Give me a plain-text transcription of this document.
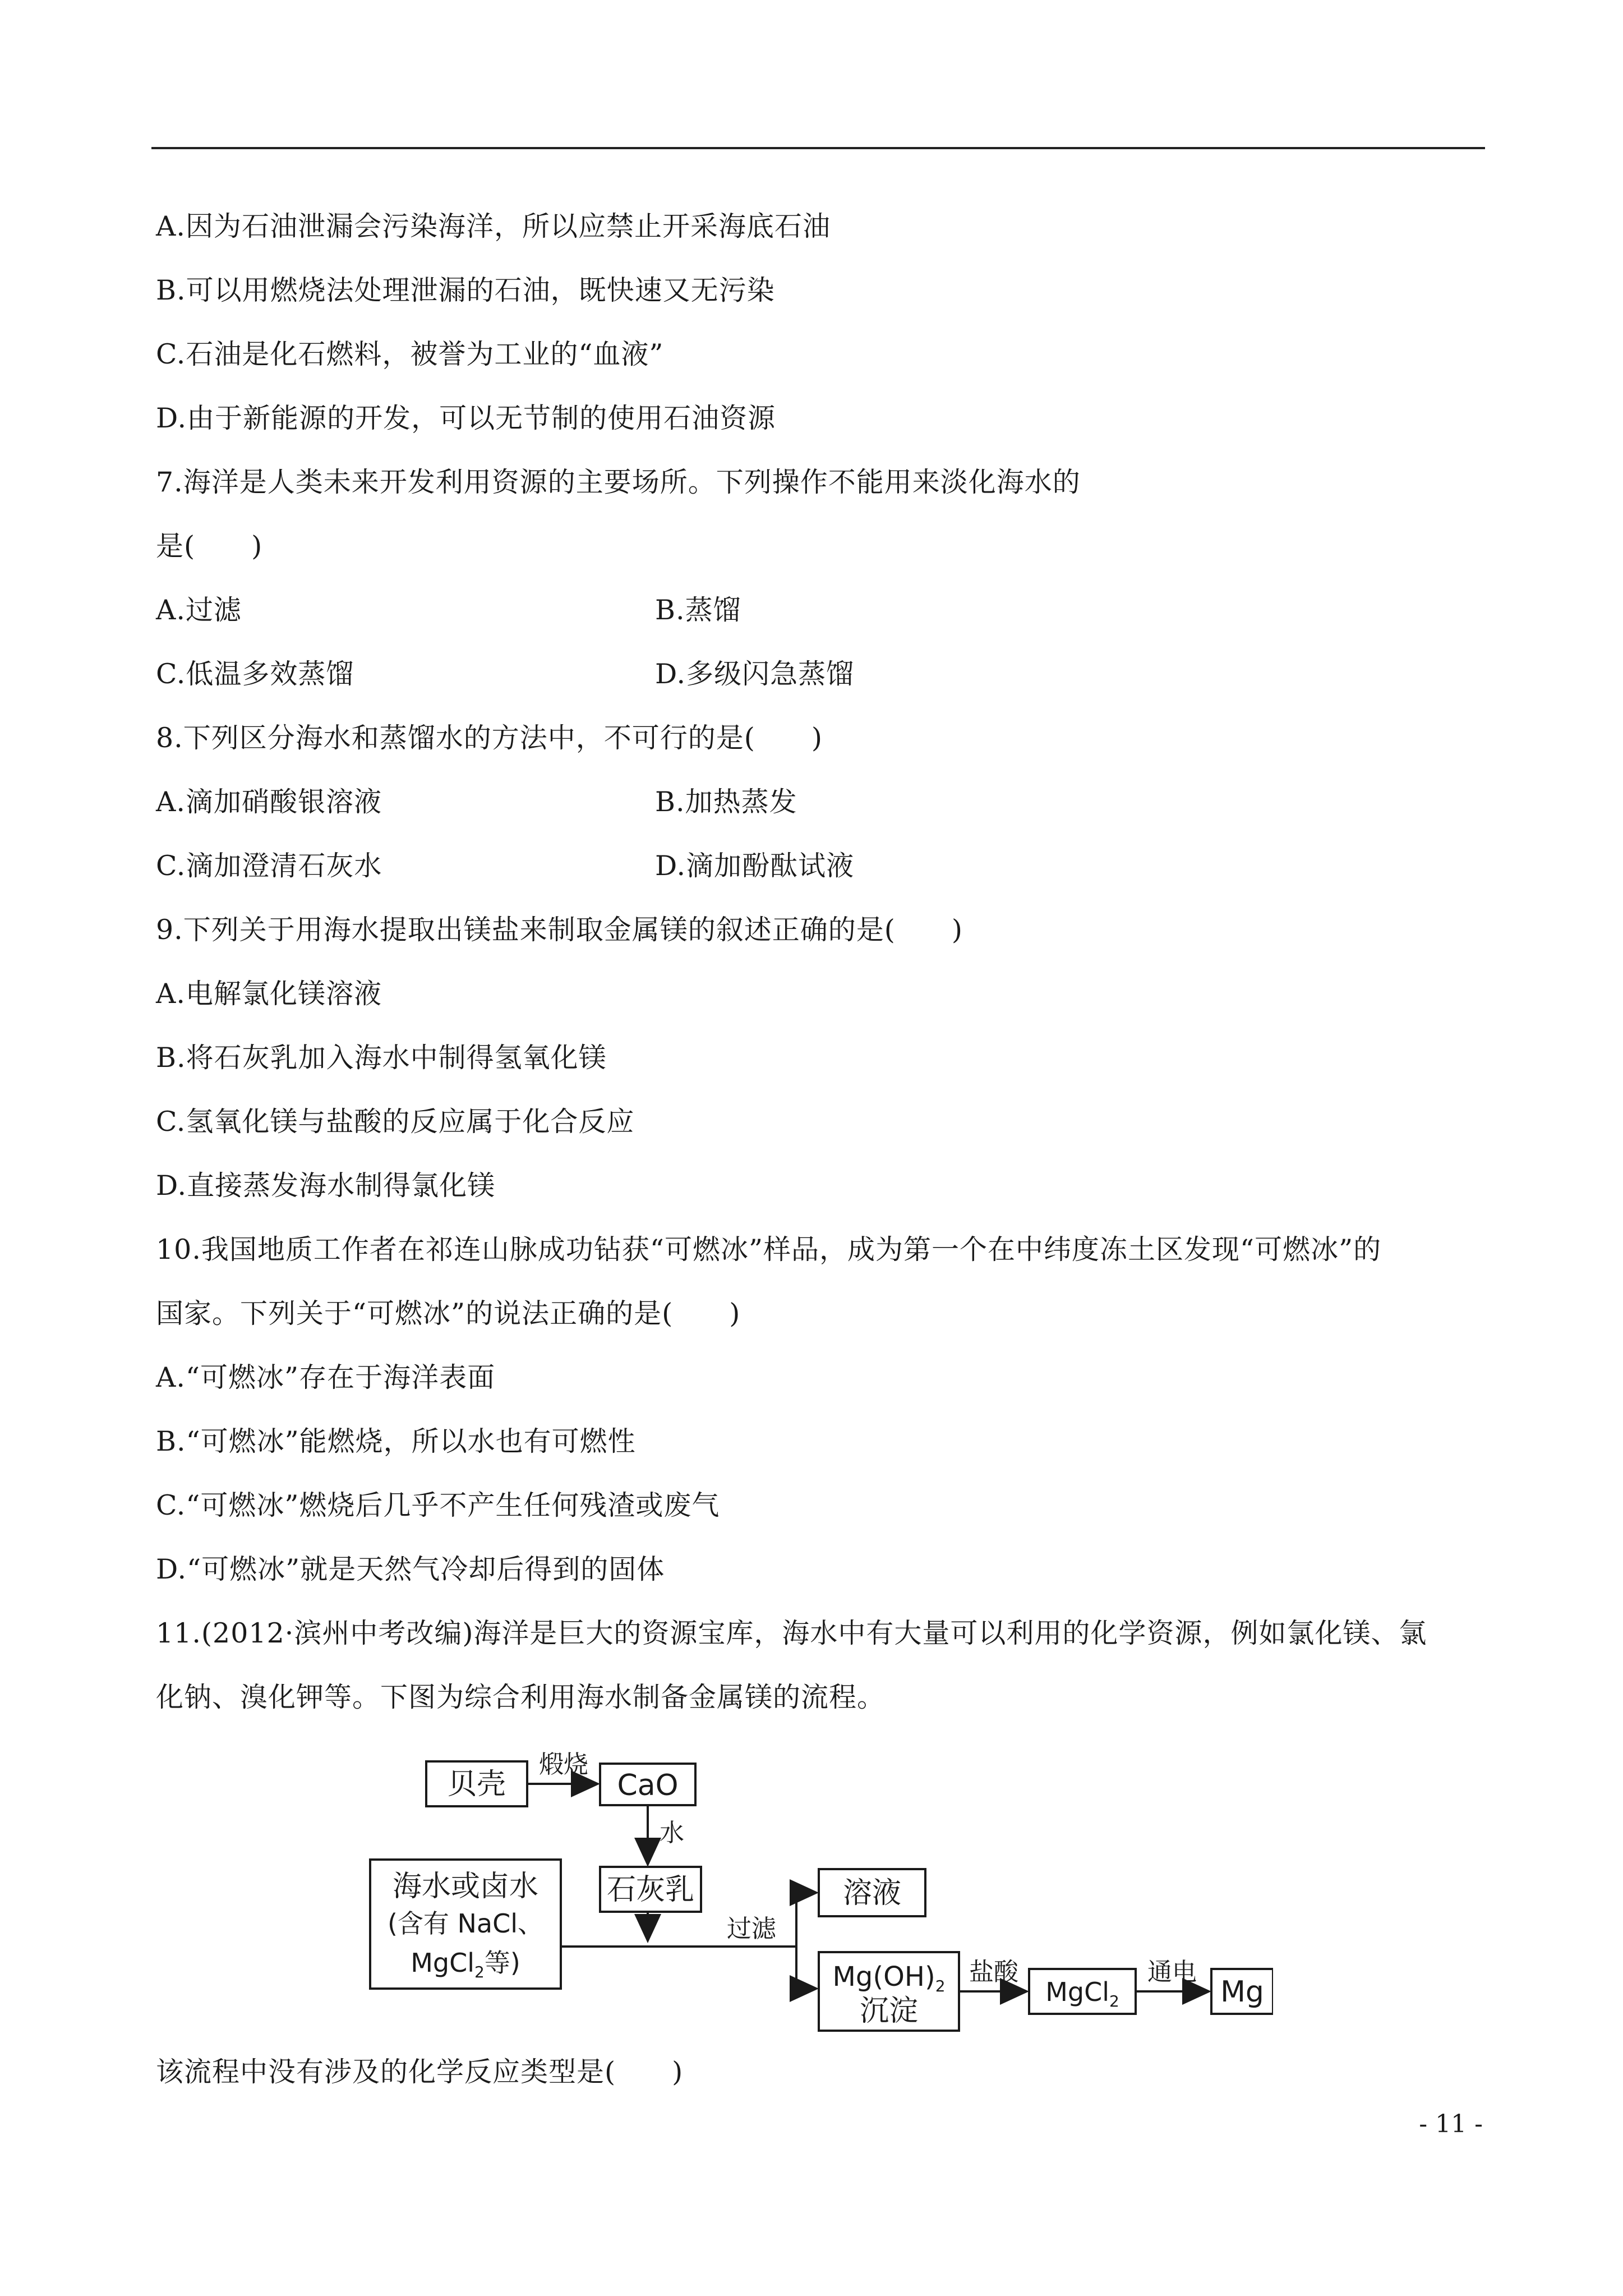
A.因为石油泄漏会污染海洋，所以应禁止开采海底石油
B.可以用燃烧法处理泄漏的石油，既快速又无污染
C.石油是化石燃料，被誉为工业的“血液”
D.由于新能源的开发，可以无节制的使用石油资源
7.海洋是人类未来开发利用资源的主要场所。下列操作不能用来淡化海水的
是(　　)
A.过滤	B.蒸馏
C.低温多效蒸馏	D.多级闪急蒸馏
8.下列区分海水和蒸馏水的方法中，不可行的是(　　)
A.滴加硝酸银溶液	B.加热蒸发
C.滴加澄清石灰水	D.滴加酚酞试液
9.下列关于用海水提取出镁盐来制取金属镁的叙述正确的是(　　)
A.电解氯化镁溶液
B.将石灰乳加入海水中制得氢氧化镁
C.氢氧化镁与盐酸的反应属于化合反应
D.直接蒸发海水制得氯化镁
10.我国地质工作者在祁连山脉成功钻获“可燃冰”样品，成为第一个在中纬度冻土区发现“可燃冰”的
国家。下列关于“可燃冰”的说法正确的是(　　)
A.“可燃冰”存在于海洋表面
B.“可燃冰”能燃烧，所以水也有可燃性
C.“可燃冰”燃烧后几乎不产生任何残渣或废气
D.“可燃冰”就是天然气冷却后得到的固体
11.(2012·滨州中考改编)海洋是巨大的资源宝库，海水中有大量可以利用的化学资源，例如氯化镁、氯
化钠、溴化钾等。下图为综合利用海水制备金属镁的流程。
贝壳	CaO
海水或卤水
(含有 NaCl、
MgCl$_2$等)
石灰乳	溶液
$Mg(OH)_2$
沉淀
MgCl$_2$	Mg
煅烧
水
过滤
盐酸	通电
该流程中没有涉及的化学反应类型是(　　)
- 11 -
